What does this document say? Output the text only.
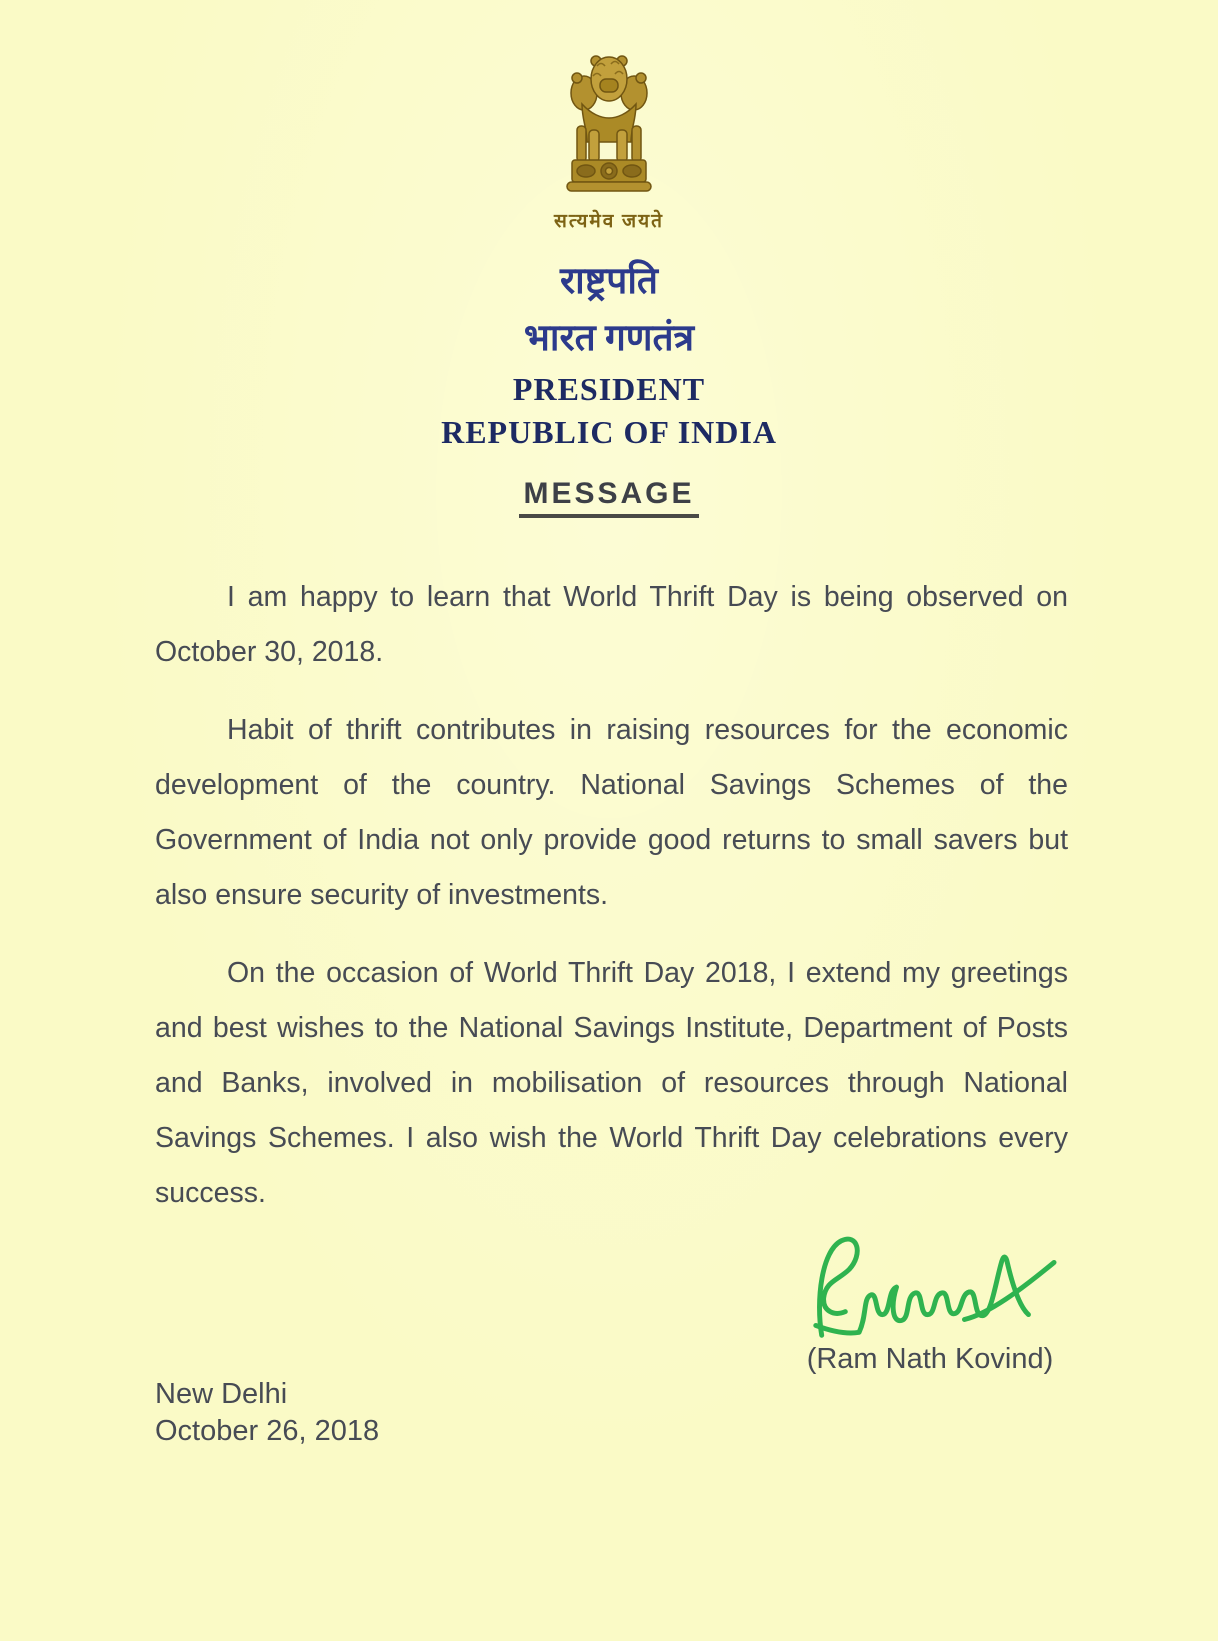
सत्यमेव जयते
राष्ट्रपति
भारत गणतंत्र
PRESIDENT
REPUBLIC OF INDIA
MESSAGE

I am happy to learn that World Thrift Day is being observed on October 30, 2018.

Habit of thrift contributes in raising resources for the economic development of the country. National Savings Schemes of the Government of India not only provide good returns to small savers but also ensure security of investments.

On the occasion of World Thrift Day 2018, I extend my greetings and best wishes to the National Savings Institute, Department of Posts and Banks, involved in mobilisation of resources through National Savings Schemes. I also wish the World Thrift Day celebrations every success.

(Ram Nath Kovind)
New Delhi
October 26, 2018
